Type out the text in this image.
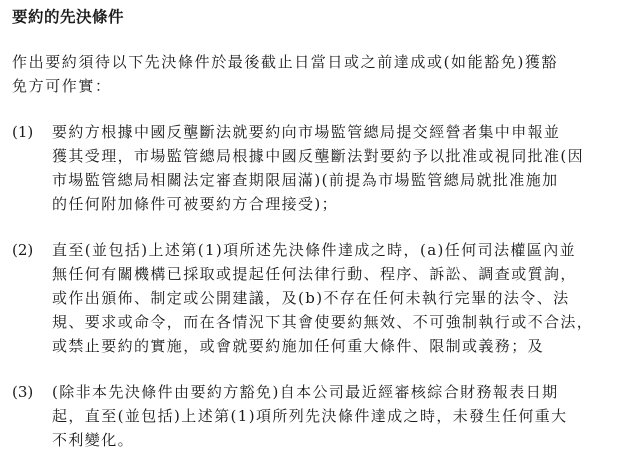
要約的先決條件

作出要約須待以下先決條件於最後截止日當日或之前達成或(如能豁免)獲豁
免方可作實：

(1)	要約方根據中國反壟斷法就要約向市場監管總局提交經營者集中申報並
獲其受理，市場監管總局根據中國反壟斷法對要約予以批准或視同批准(因
市場監管總局相關法定審查期限屆滿)(前提為市場監管總局就批准施加
的任何附加條件可被要約方合理接受)；
(2)	直至(並包括)上述第(1)項所述先決條件達成之時，(a)任何司法權區內並
無任何有關機構已採取或提起任何法律行動、程序、訴訟、調查或質詢，
或作出頒佈、制定或公開建議，及(b)不存在任何未執行完畢的法令、法
規、要求或命令，而在各情況下其會使要約無效、不可強制執行或不合法，
或禁止要約的實施，或會就要約施加任何重大條件、限制或義務；及
(3)	(除非本先決條件由要約方豁免)自本公司最近經審核綜合財務報表日期
起，直至(並包括)上述第(1)項所列先決條件達成之時，未發生任何重大
不利變化。
